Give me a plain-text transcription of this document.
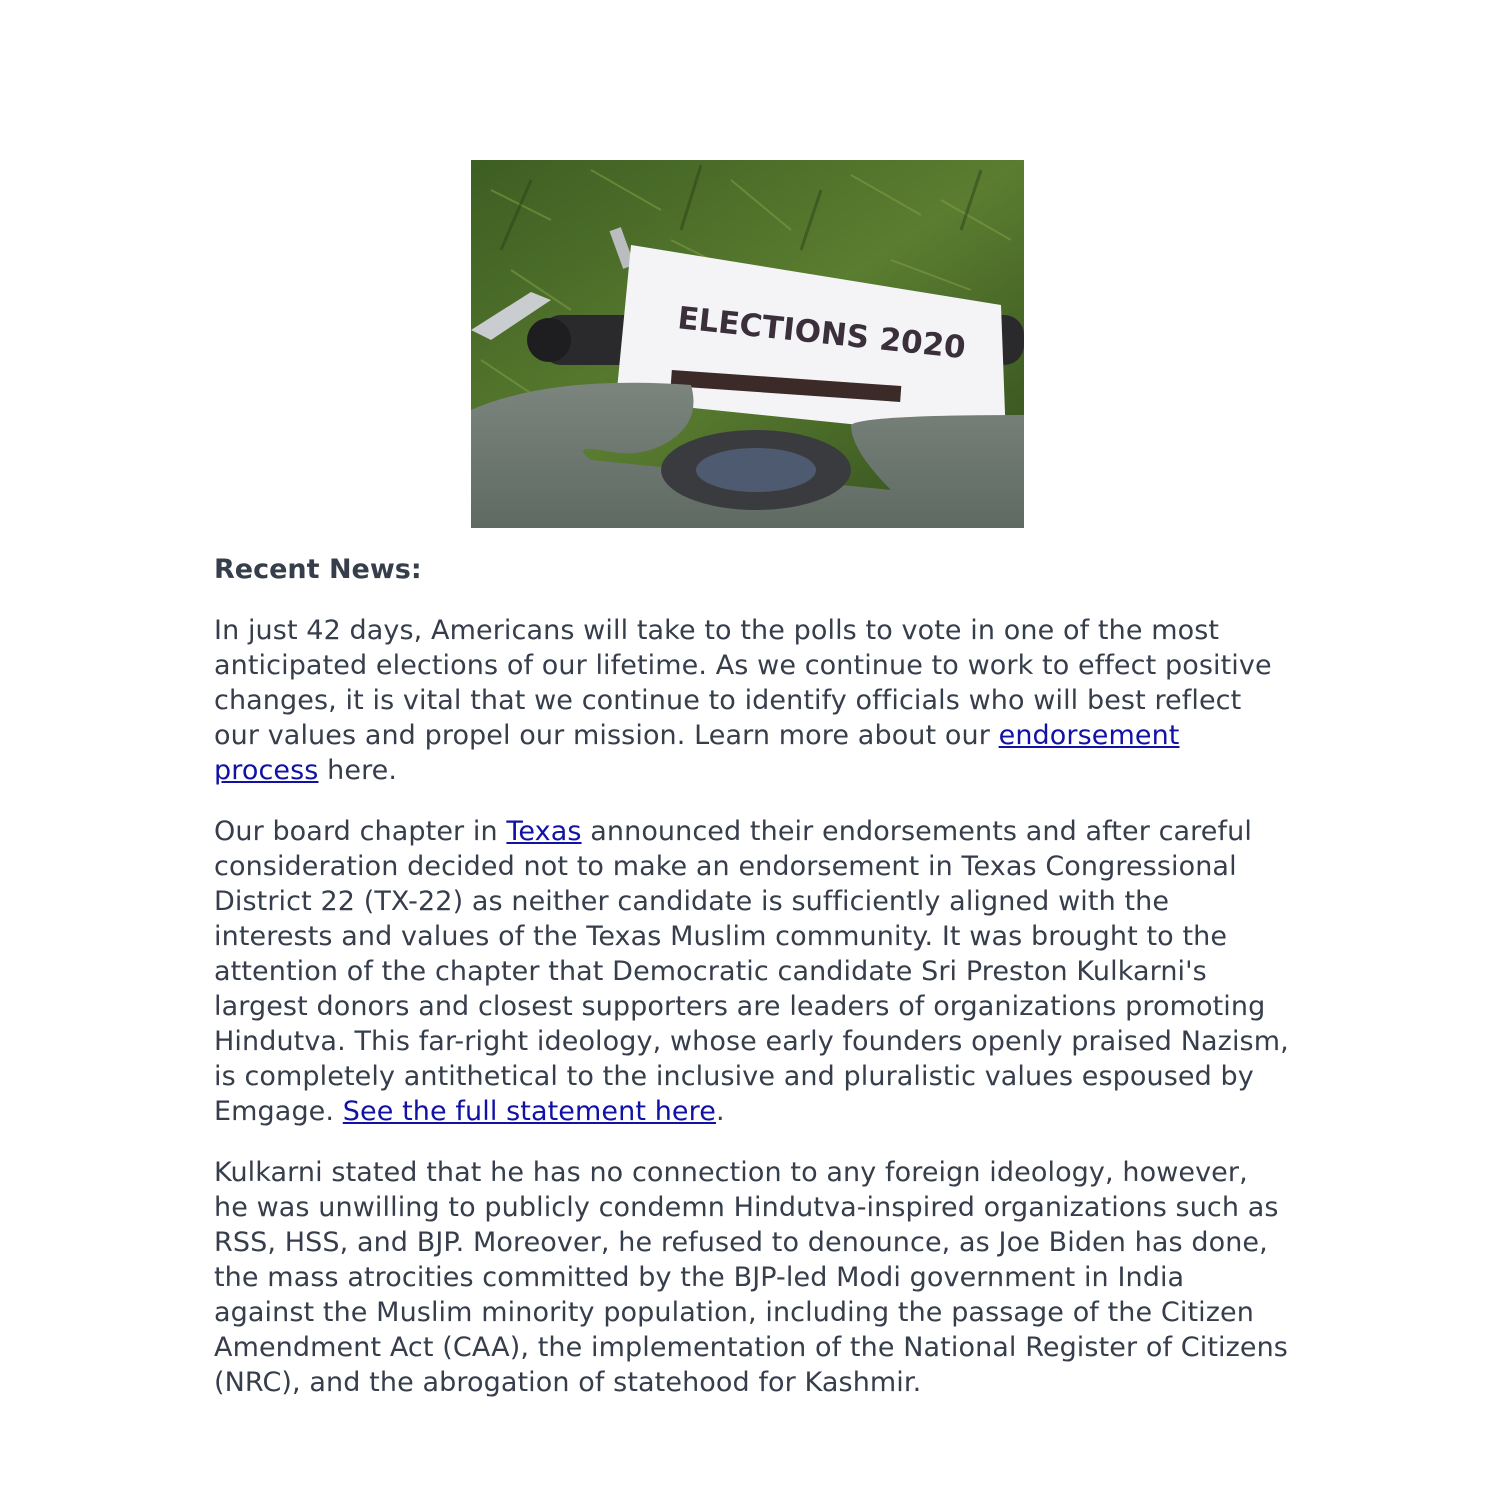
ELECTIONS 2020
Recent News:

In just 42 days, Americans will take to the polls to vote in one of the most anticipated elections of our lifetime. As we continue to work to effect positive changes, it is vital that we continue to identify officials who will best reflect our values and propel our mission. Learn more about our endorsement process here.

Our board chapter in Texas announced their endorsements and after careful consideration decided not to make an endorsement in Texas Congressional District 22 (TX-22) as neither candidate is sufficiently aligned with the interests and values of the Texas Muslim community. It was brought to the attention of the chapter that Democratic candidate Sri Preston Kulkarni's largest donors and closest supporters are leaders of organizations promoting Hindutva. This far-right ideology, whose early founders openly praised Nazism, is completely antithetical to the inclusive and pluralistic values espoused by Emgage. See the full statement here.

Kulkarni stated that he has no connection to any foreign ideology, however, he was unwilling to publicly condemn Hindutva-inspired organizations such as RSS, HSS, and BJP. Moreover, he refused to denounce, as Joe Biden has done, the mass atrocities committed by the BJP-led Modi government in India against the Muslim minority population, including the passage of the Citizen Amendment Act (CAA), the implementation of the National Register of Citizens (NRC), and the abrogation of statehood for Kashmir.
